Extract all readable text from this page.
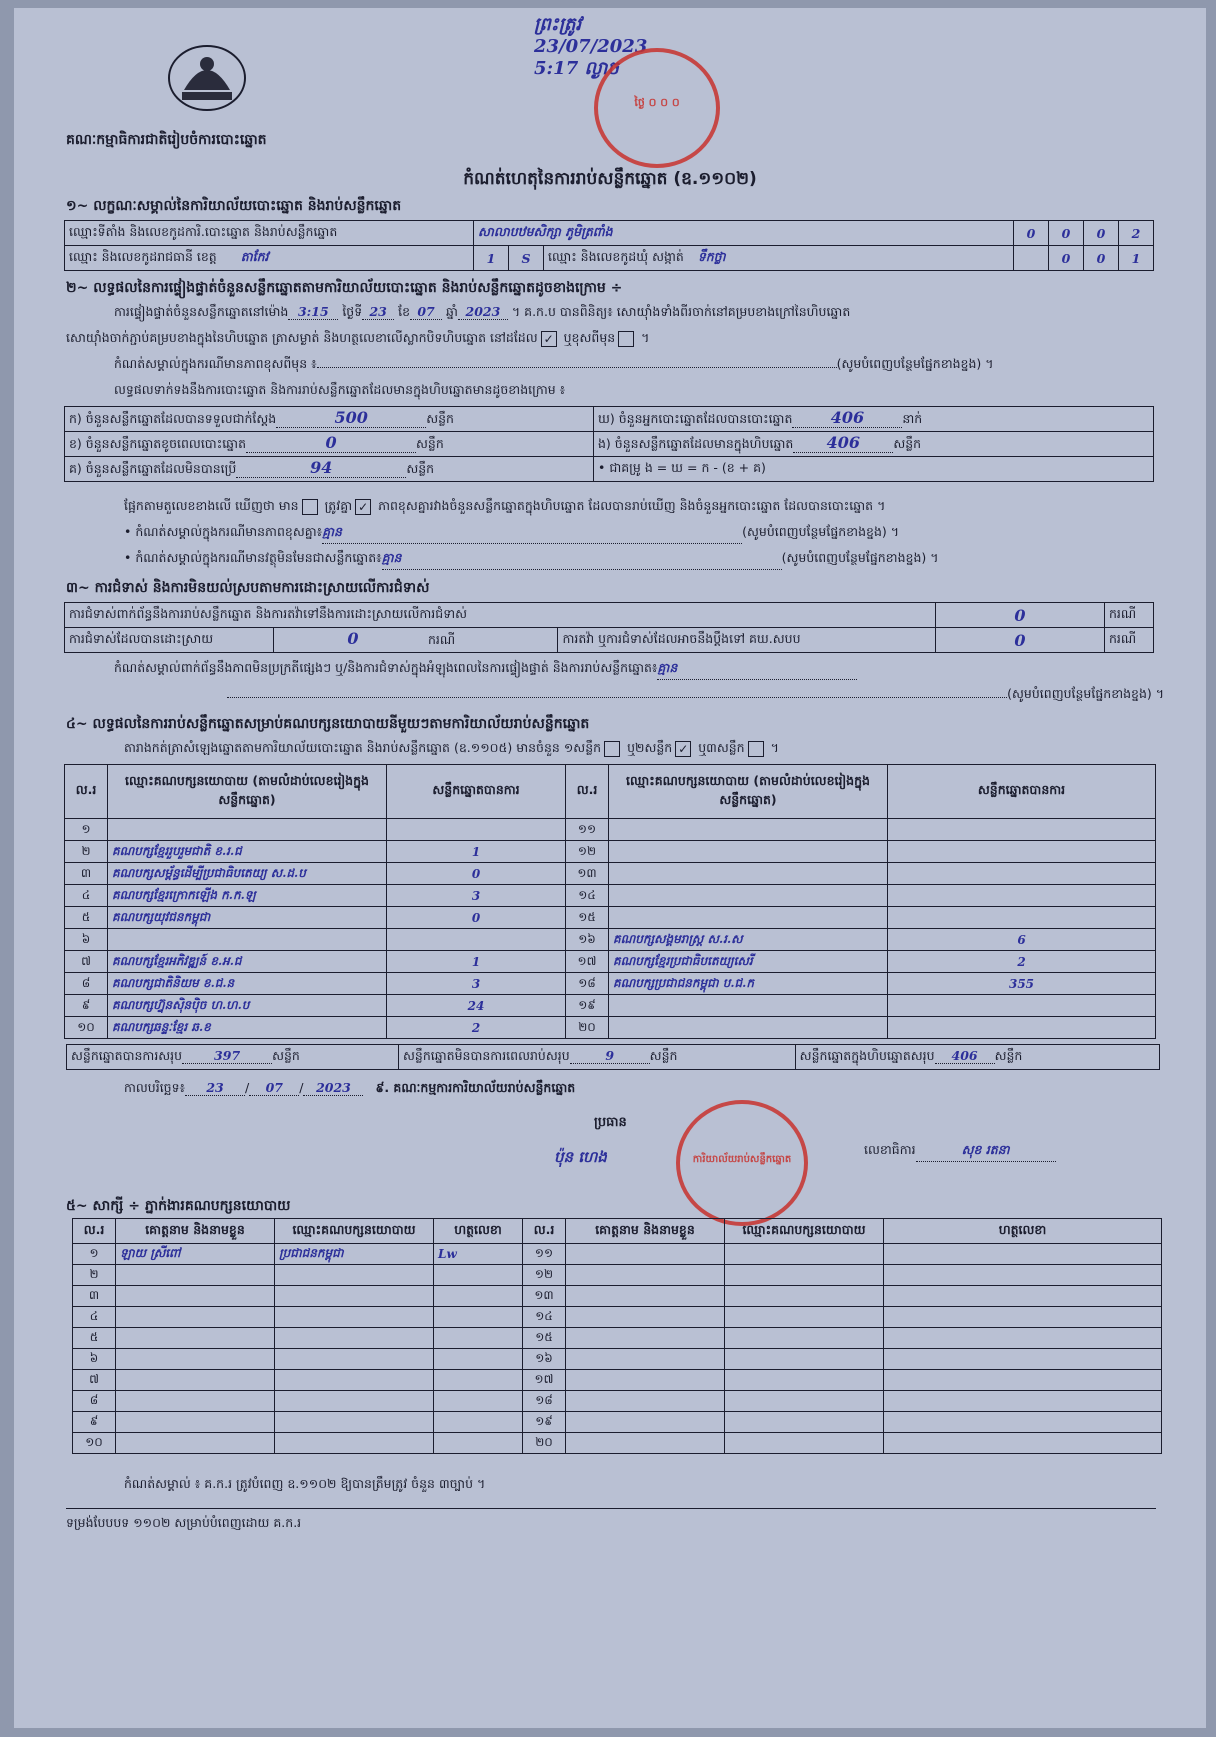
គណៈកម្មាធិការជាតិរៀបចំការបោះឆ្នោត
ព្រះត្រូវ
23/07/2023
5:17 ល្ងាច
ថ្ងៃ ០ ០ ០
កំណត់ហេតុនៃការរាប់សន្លឹកឆ្នោត (ឧ.១១០២)
១~ លក្ខណៈសម្គាល់នៃការិយាល័យបោះឆ្នោត និងរាប់សន្លឹកឆ្នោត
ឈ្មោះទីតាំង និងលេខកូដការិ.បោះឆ្នោត និងរាប់សន្លឹកឆ្នោត	សាលាបឋមសិក្សា ភូមិត្រពាំង			0	0	0	2
ឈ្មោះ និងលេខកូដរាជធានី ខេត្ត តាកែវ	1	S	ឈ្មោះ និងលេខកូដឃុំ សង្កាត់ ទឹកថ្លា		0	0	1
២~ លទ្ធផលនៃការផ្ទៀងផ្ទាត់ចំនួនសន្លឹកឆ្នោតតាមការិយាល័យបោះឆ្នោត និងរាប់សន្លឹកឆ្នោតដូចខាងក្រោម ÷
ការផ្ទៀងផ្ទាត់ចំនួនសន្លឹកឆ្នោតនៅម៉ោង 3:15 ថ្ងៃទី 23 ខែ 07 ឆ្នាំ 2023 ។ គ.ក.ប បានពិនិត្យ៖ សោយ៉ាំងទាំងពីរចាក់នៅគម្របខាងក្រៅនៃហិបឆ្នោត
សោយ៉ាំងចាក់ភ្ជាប់គម្របខាងក្នុងនៃហិបឆ្នោត ត្រាសម្ងាត់ និងហត្ថលេខាលើស្លាកបិទហិបឆ្នោត នៅដដែល ✓ ឬខុសពីមុន ។
កំណត់សម្គាល់ក្នុងករណីមានភាពខុសពីមុន ៖	(សូមបំពេញបន្ថែមផ្នែកខាងខ្នង) ។
លទ្ធផលទាក់ទងនឹងការបោះឆ្នោត និងការរាប់សន្លឹកឆ្នោតដែលមានក្នុងហិបឆ្នោតមានដូចខាងក្រោម ៖
ក) ចំនួនសន្លឹកឆ្នោតដែលបានទទួលជាក់ស្តែង 500 សន្លឹក	ឃ) ចំនួនអ្នកបោះឆ្នោតដែលបានបោះឆ្នោត 406 នាក់
ខ) ចំនួនសន្លឹកឆ្នោតខូចពេលបោះឆ្នោត 0 សន្លឹក	ង) ចំនួនសន្លឹកឆ្នោតដែលមានក្នុងហិបឆ្នោត 406 សន្លឹក
គ) ចំនួនសន្លឹកឆ្នោតដែលមិនបានប្រើ 94 សន្លឹក	• ជាគម្រូ ង = ឃ = ក - (ខ + គ)
ផ្អែកតាមតួលេខខាងលើ ឃើញថា មាន ត្រូវគ្នា ✓ ភាពខុសគ្នារវាងចំនួនសន្លឹកឆ្នោតក្នុងហិបឆ្នោត ដែលបានរាប់ឃើញ និងចំនួនអ្នកបោះឆ្នោត ដែលបានបោះឆ្នោត ។
• កំណត់សម្គាល់ក្នុងករណីមានភាពខុសគ្នា៖គ្មាន	(សូមបំពេញបន្ថែមផ្នែកខាងខ្នង) ។
• កំណត់សម្គាល់ក្នុងករណីមានវត្ថុមិនមែនជាសន្លឹកឆ្នោត៖គ្មាន	(សូមបំពេញបន្ថែមផ្នែកខាងខ្នង) ។
៣~ ការជំទាស់ និងការមិនយល់ស្របតាមការដោះស្រាយលើការជំទាស់
ការជំទាស់ពាក់ព័ន្ធនឹងការរាប់សន្លឹកឆ្នោត និងការតវ៉ាទៅនឹងការដោះស្រាយលើការជំទាស់			0	ករណី
ការជំទាស់ដែលបានដោះស្រាយ	0 ករណី	ការតវ៉ា ឬការជំទាស់ដែលអាចនឹងប្តឹងទៅ គឃ.សបប	0	ករណី
កំណត់សម្គាល់ពាក់ព័ន្ធនឹងភាពមិនប្រក្រតីផ្សេងៗ ឬ/និងការជំទាស់ក្នុងអំឡុងពេលនៃការផ្ទៀងផ្ទាត់ និងការរាប់សន្លឹកឆ្នោត៖គ្មាន
(សូមបំពេញបន្ថែមផ្នែកខាងខ្នង) ។
៤~ លទ្ធផលនៃការរាប់សន្លឹកឆ្នោតសម្រាប់គណបក្សនយោបាយនីមួយៗតាមការិយាល័យរាប់សន្លឹកឆ្នោត
តារាងកត់ត្រាសំឡេងឆ្នោតតាមការិយាល័យបោះឆ្នោត និងរាប់សន្លឹកឆ្នោត (ឧ.១១០៥) មានចំនួន ១សន្លឹក ឬ២សន្លឹក ✓ ឬ៣សន្លឹក ។
ល.រ	ឈ្មោះគណបក្សនយោបាយ (តាមលំដាប់លេខរៀងក្នុងសន្លឹកឆ្នោត)	សន្លឹកឆ្នោតបានការ	ល.រ	ឈ្មោះគណបក្សនយោបាយ (តាមលំដាប់លេខរៀងក្នុងសន្លឹកឆ្នោត)	សន្លឹកឆ្នោតបានការ
១			១១		
២	គណបក្សខ្មែររួបរួមជាតិ ខ.រ.ជ	1	១២		
៣	គណបក្សសម្ព័ន្ធដើម្បីប្រជាធិបតេយ្យ ស.ដ.ប	0	១៣		
៤	គណបក្សខ្មែរក្រោកឡើង ក.ក.ឡ	3	១៤		
៥	គណបក្សយុវជនកម្ពុជា	0	១៥		
៦			១៦	គណបក្សសង្គមរាស្ត្រ ស.រ.ស	6
៧	គណបក្សខ្មែរអភិវឌ្ឍន៍ ខ.អ.ជ	1	១៧	គណបក្សខ្មែរប្រជាធិបតេយ្យសេរី	2
៨	គណបក្សជាតិនិយម ខ.ជ.ន	3	១៨	គណបក្សប្រជាជនកម្ពុជា ប.ជ.ក	355
៩	គណបក្សហ្វ៊ុនស៊ិនប៉ិច ហ.ហ.ប	24	១៩		
១០	គណបក្សឆន្ទៈខ្មែរ ឆ.ខ	2	២០		
សន្លឹកឆ្នោតបានការសរុប	397	សន្លឹក	សន្លឹកឆ្នោតមិនបានការពេលរាប់សរុប	9	សន្លឹក	សន្លឹកឆ្នោតក្នុងហិបឆ្នោតសរុប 406 សន្លឹក
កាលបរិច្ឆេទ៖ 23 / 07 / 2023 ៩. គណៈកម្មការការិយាល័យរាប់សន្លឹកឆ្នោត
ប្រធាន
ប៉ុន ហេង	ការិយាល័យរាប់សន្លឹកឆ្នោត
លេខាធិការ	សុខ រតនា
៥~ សាក្សី ÷ ភ្នាក់ងារគណបក្សនយោបាយ
ល.រ	គោត្តនាម និងនាមខ្លួន	ឈ្មោះគណបក្សនយោបាយ	ហត្ថលេខា	ល.រ	គោត្តនាម និងនាមខ្លួន	ឈ្មោះគណបក្សនយោបាយ	ហត្ថលេខា
១	ឡាយ ស្រីពៅ	ប្រជាជនកម្ពុជា	Lw	១១			
២				១២			
៣				១៣			
៤				១៤			
៥				១៥			
៦				១៦			
៧				១៧			
៨				១៨			
៩				១៩			
១០				២០			
កំណត់សម្គាល់ ៖ គ.ក.រ ត្រូវបំពេញ ឧ.១១០២ ឱ្យបានត្រឹមត្រូវ ចំនួន ៣ច្បាប់ ។
ទម្រង់បែបបទ ១១០២ សម្រាប់បំពេញដោយ គ.ក.រ
